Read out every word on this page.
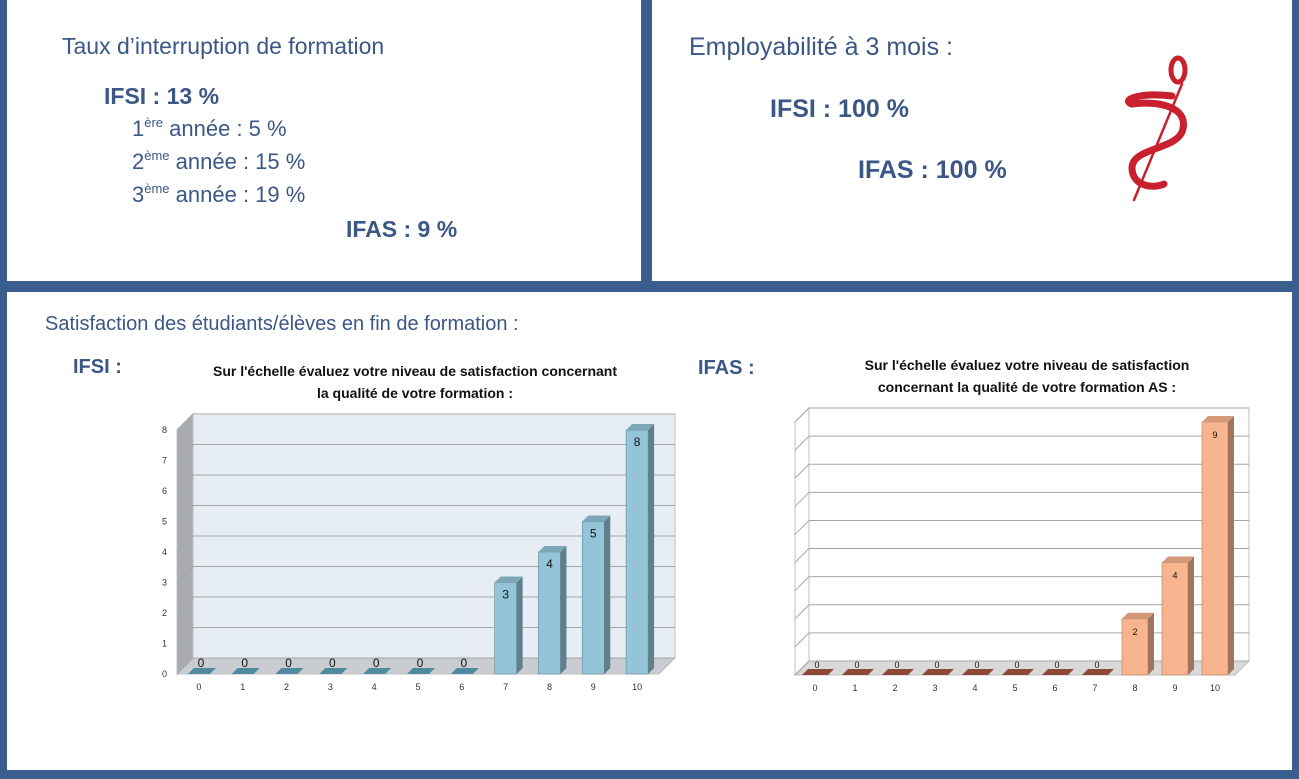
Taux d’interruption de formation
IFSI : 13 %
1ère année : 5 %
2ème année : 15 %
3ème année : 19 %
IFAS : 9 %
Employabilité à 3 mois :
IFSI : 100 %
IFAS : 100 %
Satisfaction des étudiants/élèves en fin de formation :
IFSI :	IFAS :
Sur l'échelle évaluez votre niveau de satisfaction concernant
la qualité de votre formation :
Sur l'échelle évaluez votre niveau de satisfaction
concernant la qualité de votre formation AS :
0
1
2
3
4
5
6
7
8
0
0
0
1
0
2
0
3
0
4
0
5
0
6
3
7
4
8
5
9
8
10
0
0
0
1
0
2
0
3
0
4
0
5
0
6
0
7
2
8
4
9
9
10
